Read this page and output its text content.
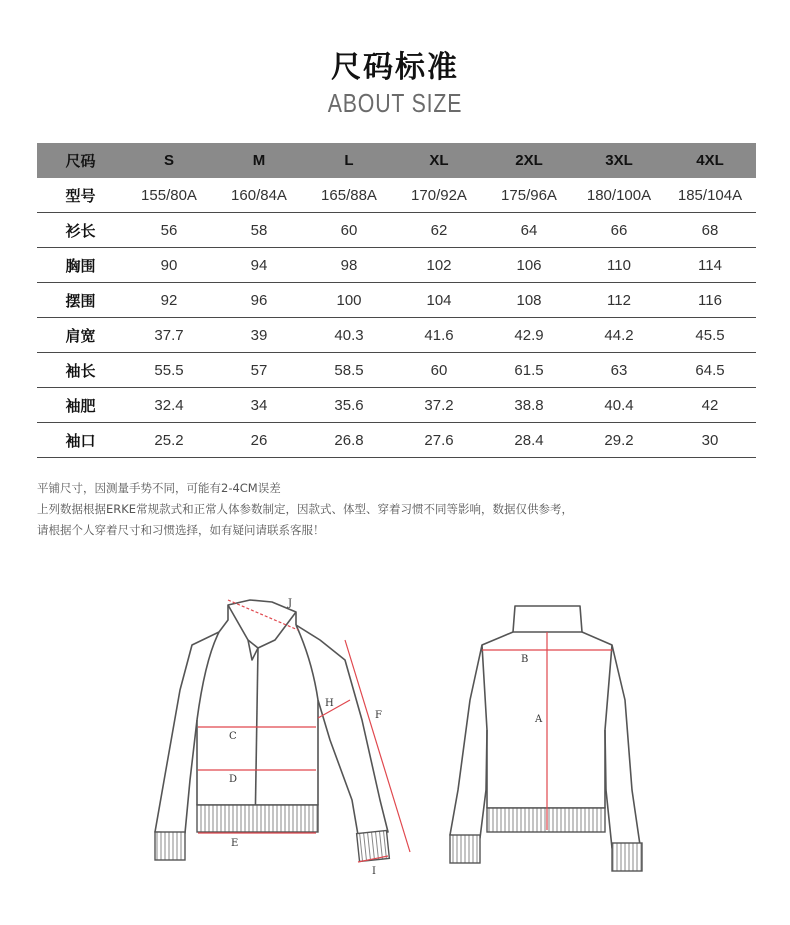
尺码标准
ABOUT SIZE
尺码	S	M	L	XL	2XL	3XL	4XL
型号	155/80A	160/84A	165/88A	170/92A	175/96A	180/100A	185/104A
衫长	56	58	60	62	64	66	68
胸围	90	94	98	102	106	110	114
摆围	92	96	100	104	108	112	116
肩宽	37.7	39	40.3	41.6	42.9	44.2	45.5
袖长	55.5	57	58.5	60	61.5	63	64.5
袖肥	32.4	34	35.6	37.2	38.8	40.4	42
袖口	25.2	26	26.8	27.6	28.4	29.2	30
平铺尺寸，因测量手势不同，可能有2-4CM误差
上列数据根据ERKE常规款式和正常人体参数制定，因款式、体型、穿着习惯不同等影响，数据仅供参考，
请根据个人穿着尺寸和习惯选择，如有疑问请联系客服！
J
H
F
C
D
E
I
B
A
